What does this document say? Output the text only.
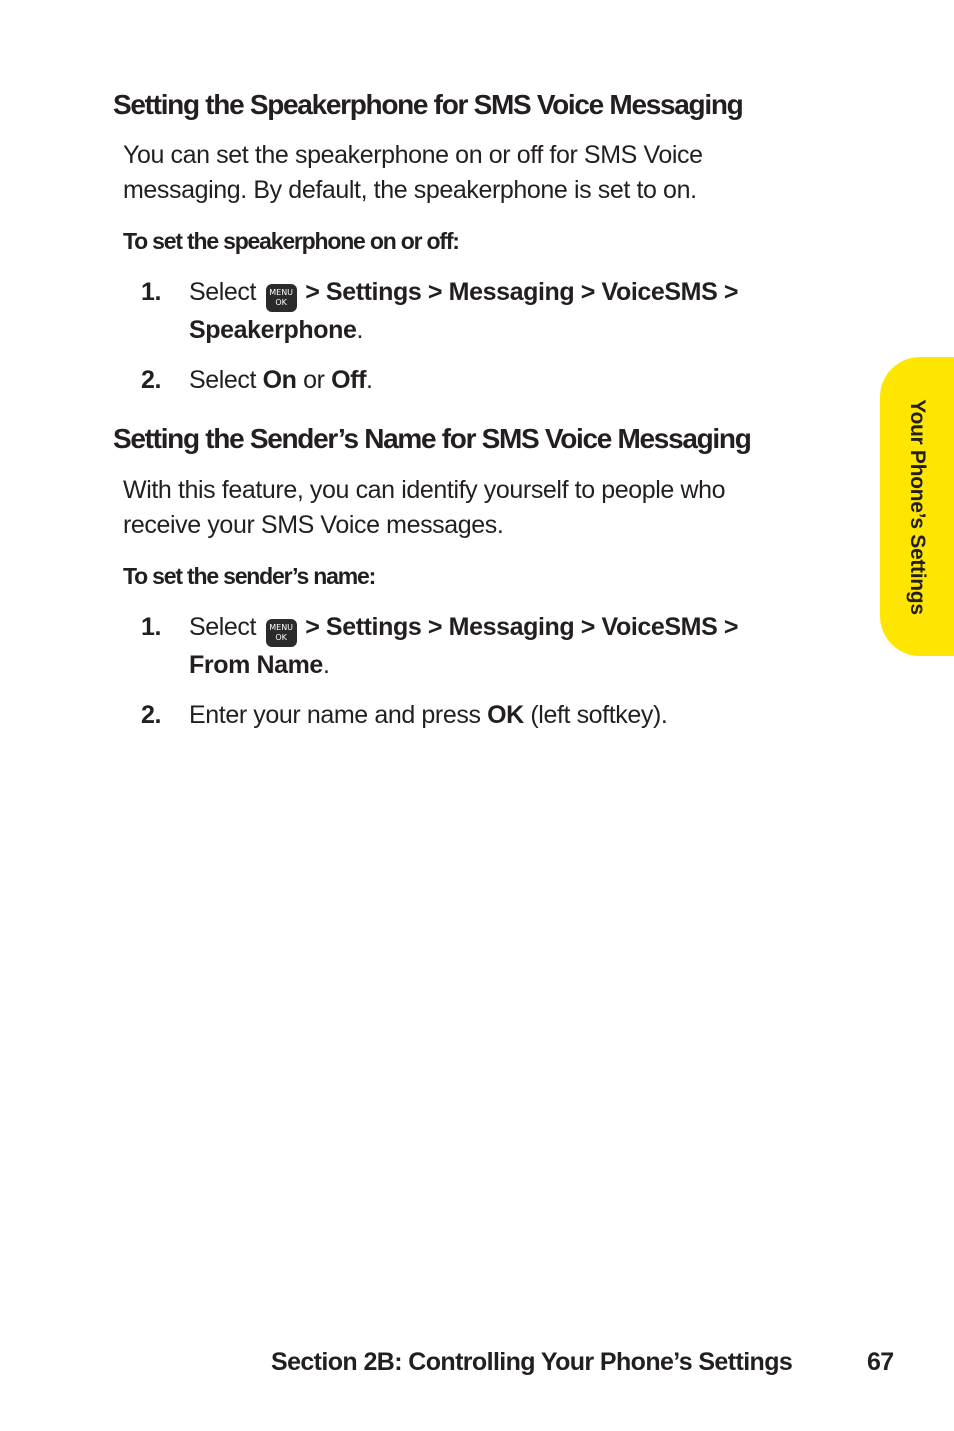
Setting the Speakerphone for SMS Voice Messaging

You can set the speakerphone on or off for SMS Voice

messaging. By default, the speakerphone is set to on.

To set the speakerphone on or off:
1. Select	MENU
OK > Settings > Messaging > VoiceSMS >
Speakerphone.
2. Select On or Off.
Setting the Sender’s Name for SMS Voice Messaging

With this feature, you can identify yourself to people who

receive your SMS Voice messages.

To set the sender’s name:
1. Select	MENU
OK > Settings > Messaging > VoiceSMS >
From Name.
2. Enter your name and press OK (left softkey).
Your Phone’s Settings
Section 2B: Controlling Your Phone’s Settings	67
